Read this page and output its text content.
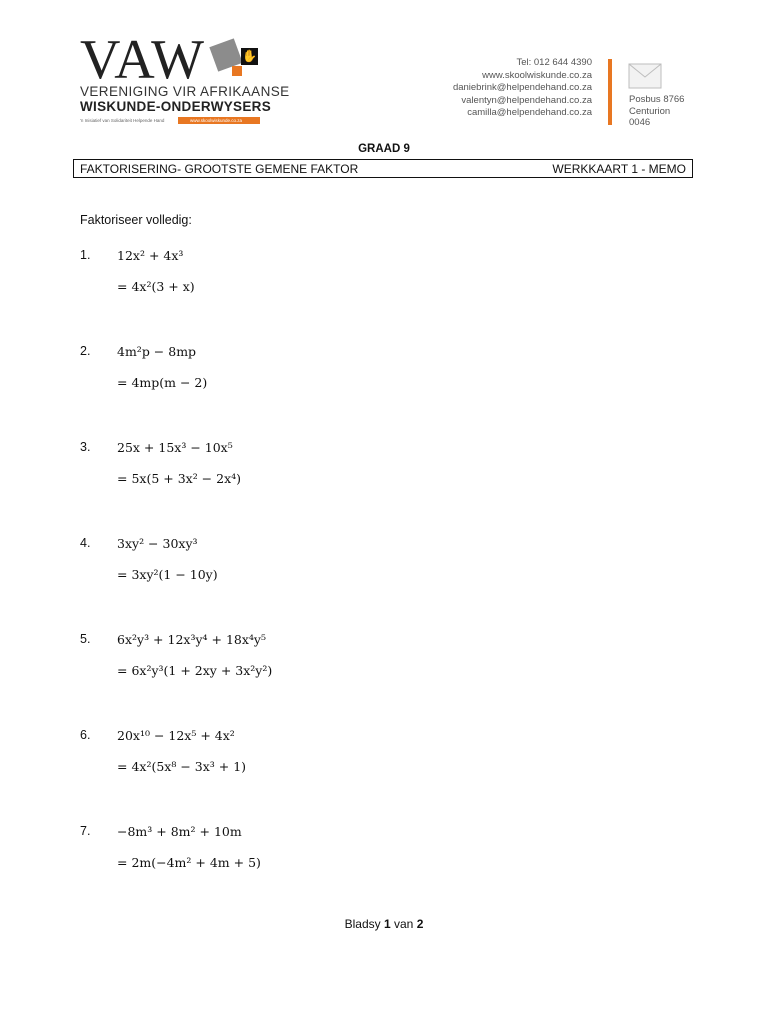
VAW	✋
VERENIGING VIR AFRIKAANSE
WISKUNDE-ONDERWYSERS
'n Inisiatief van Solidariteit Helpende Hand	www.skoolwiskunde.co.za
Tel: 012 644 4390
www.skoolwiskunde.co.za
daniebrink@helpendehand.co.za
valentyn@helpendehand.co.za
camilla@helpendehand.co.za
Posbus 8766
Centurion
0046
GRAAD 9
FAKTORISERING- GROOTSTE GEMENE FAKTOR	WERKKAART 1 - MEMO
Faktoriseer volledig:
1. 12x² + 4x³
= 4x²(3 + x)
2. 4m²p − 8mp
= 4mp(m − 2)
3. 25x + 15x³ − 10x⁵
= 5x(5 + 3x² − 2x⁴)
4. 3xy² − 30xy³
= 3xy²(1 − 10y)
5. 6x²y³ + 12x³y⁴ + 18x⁴y⁵
= 6x²y³(1 + 2xy + 3x²y²)
6. 20x¹⁰ − 12x⁵ + 4x²
= 4x²(5x⁸ − 3x³ + 1)
7. −8m³ + 8m² + 10m
= 2m(−4m² + 4m + 5)
Bladsy 1 van 2
